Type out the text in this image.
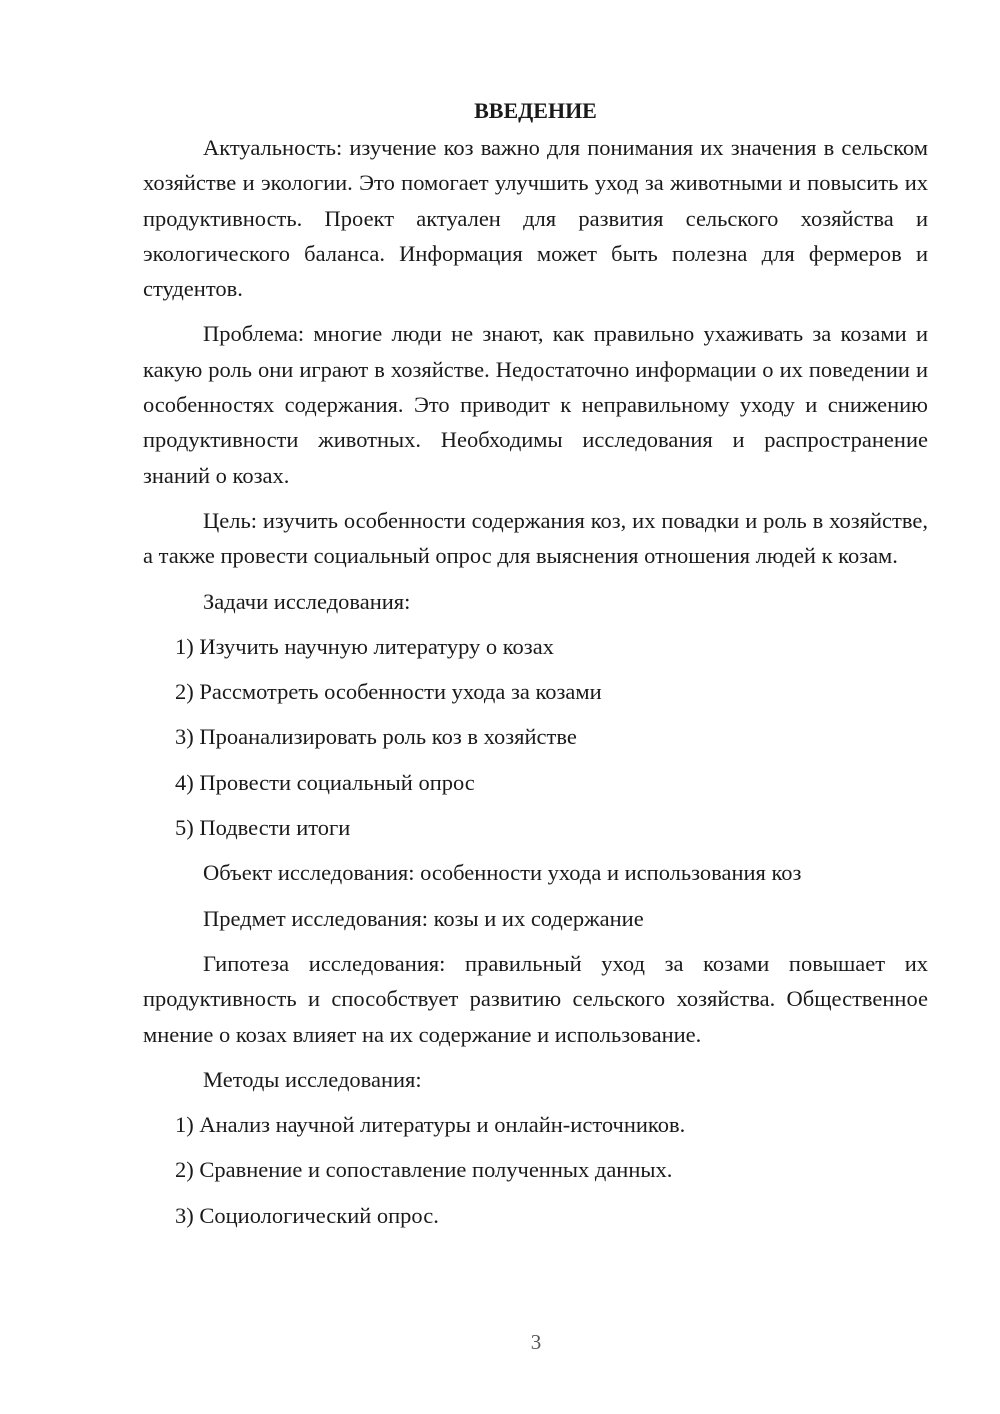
ВВЕДЕНИЕ

Актуальность: изучение коз важно для понимания их значения в сельском хозяйстве и экологии. Это помогает улучшить уход за животными и повысить их продуктивность. Проект актуален для развития сельского хозяйства и экологического баланса. Информация может быть полезна для фермеров и студентов.

Проблема: многие люди не знают, как правильно ухаживать за козами и какую роль они играют в хозяйстве. Недостаточно информации о их поведении и особенностях содержания. Это приводит к неправильному уходу и снижению продуктивности животных. Необходимы исследования и распространение знаний о козах.

Цель: изучить особенности содержания коз, их повадки и роль в хозяйстве, а также провести социальный опрос для выяснения отношения людей к козам.

Задачи исследования:
1) Изучить научную литературу о козах
2) Рассмотреть особенности ухода за козами
3) Проанализировать роль коз в хозяйстве
4) Провести социальный опрос
5) Подвести итоги
Объект исследования: особенности ухода и использования коз
Предмет исследования: козы и их содержание

Гипотеза исследования: правильный уход за козами повышает их продуктивность и способствует развитию сельского хозяйства. Общественное мнение о козах влияет на их содержание и использование.

Методы исследования:
1) Анализ научной литературы и онлайн-источников.
2) Сравнение и сопоставление полученных данных.
3) Социологический опрос.
3
